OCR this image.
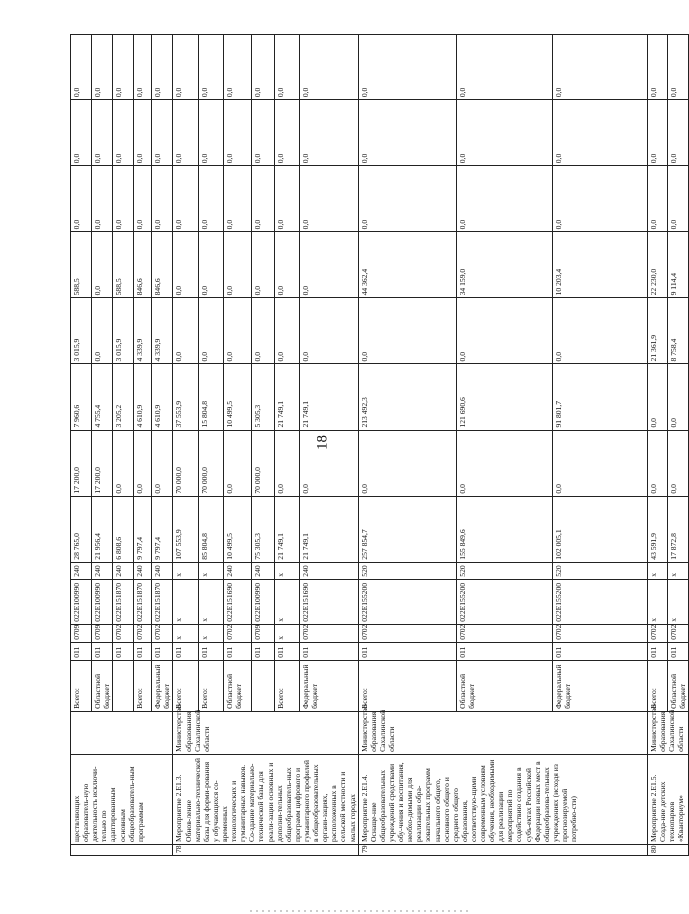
18
	ществляющих образователь-ную деятельность исключи-тельно по адаптированным основным общеобразователь-ным программам		Всего:	011	0709	022Е100990	240	28 765,0	17 200,0	7 960,6	3 015,9	588,5	0,0	0,0	0,0
			Областной бюджет	011	0709	022Е100990	240	21 956,4	17 200,0	4 755,4	0,0	0,0	0,0	0,0	0,0
				011	0702	022Е151870	240	6 808,6	0,0	3 205,2	3 015,9	588,5	0,0	0,0	0,0
			Всего:	011	0702	022Е151870	240	9 797,4	0,0	4 610,9	4 339,9	846,6	0,0	0,0	0,0
			Федеральный бюджет	011	0702	022Е151870	240	9 797,4	0,0	4 610,9	4 339,9	846,6	0,0	0,0	0,0
78.	Мероприятие 2.Е1.3. Обнов-ление материально-технической базы для форми-рования у обучающихся со-временных технологических и гуманитарных навыков. Со-здание материально-технической базы для реали-зации основных и дополни-тельных общеобразователь-ных программ цифрового и гуманитарного профилей в общеобразовательных органи-зациях, расположенных в сельской местности и малых городах	Министерство образования Сахалинской области	Всего:	011	х	х	х	107 553,9	70 000,0	37 553,9	0,0	0,0	0,0	0,0	0,0
			Всего:	011	х	х	х	85 804,8	70 000,0	15 804,8	0,0	0,0	0,0	0,0	0,0
			Областной бюджет	011	0702	022Е151690	240	10 499,5	0,0	10 499,5	0,0	0,0	0,0	0,0	0,0
				011	0709	022Е100990	240	75 305,3	70 000,0	5 305,3	0,0	0,0	0,0	0,0	0,0
			Всего:	011	х	х	х	21 749,1	0,0	21 749,1	0,0	0,0	0,0	0,0	0,0
			Федеральный бюджет	011	0702	022Е151690	240	21 749,1	0,0	21 749,1	0,0	0,0	0,0	0,0	0,0
79.	Мероприятие 2.Е1.4. Оснаще-ние общеобразовательных учреждений средствами обу-чения и воспитания, необхо-димыми для реализации обра-зовательных программ начального общего, основного общего и среднего общего образования, соответствую-щими современным условиям обучения, необходимыми для реализации мероприятий по содействию создания в субъ-ектах Российской Федерации новых мест в общеобразова-тельных учреждениях (исходя из прогнозируемой потребно-сти)	Министерство образования Сахалинской области	Всего:	011	0702	022Е155200	520	257 854,7	0,0	213 492,3	0,0	44 362,4	0,0	0,0	0,0
			Областной бюджет	011	0702	022Е155200	520	155 849,6	0,0	121 690,6	0,0	34 159,0	0,0	0,0	0,0
			Федеральный бюджет	011	0702	022Е155200	520	102 005,1	0,0	91 801,7	0,0	10 203,4	0,0	0,0	0,0
80.	Мероприятие 2.Е1.5. Созда-ние детских технопарков «Кванториум»	Министерство образования Сахалинской области	Всего:	011	0702	х	х	43 591,9	0,0	0,0	21 361,9	22 230,0	0,0	0,0	0,0
			Областной бюджет	011	0702	х	х	17 872,8	0,0	0,0	8 758,4	9 114,4	0,0	0,0	0,0
